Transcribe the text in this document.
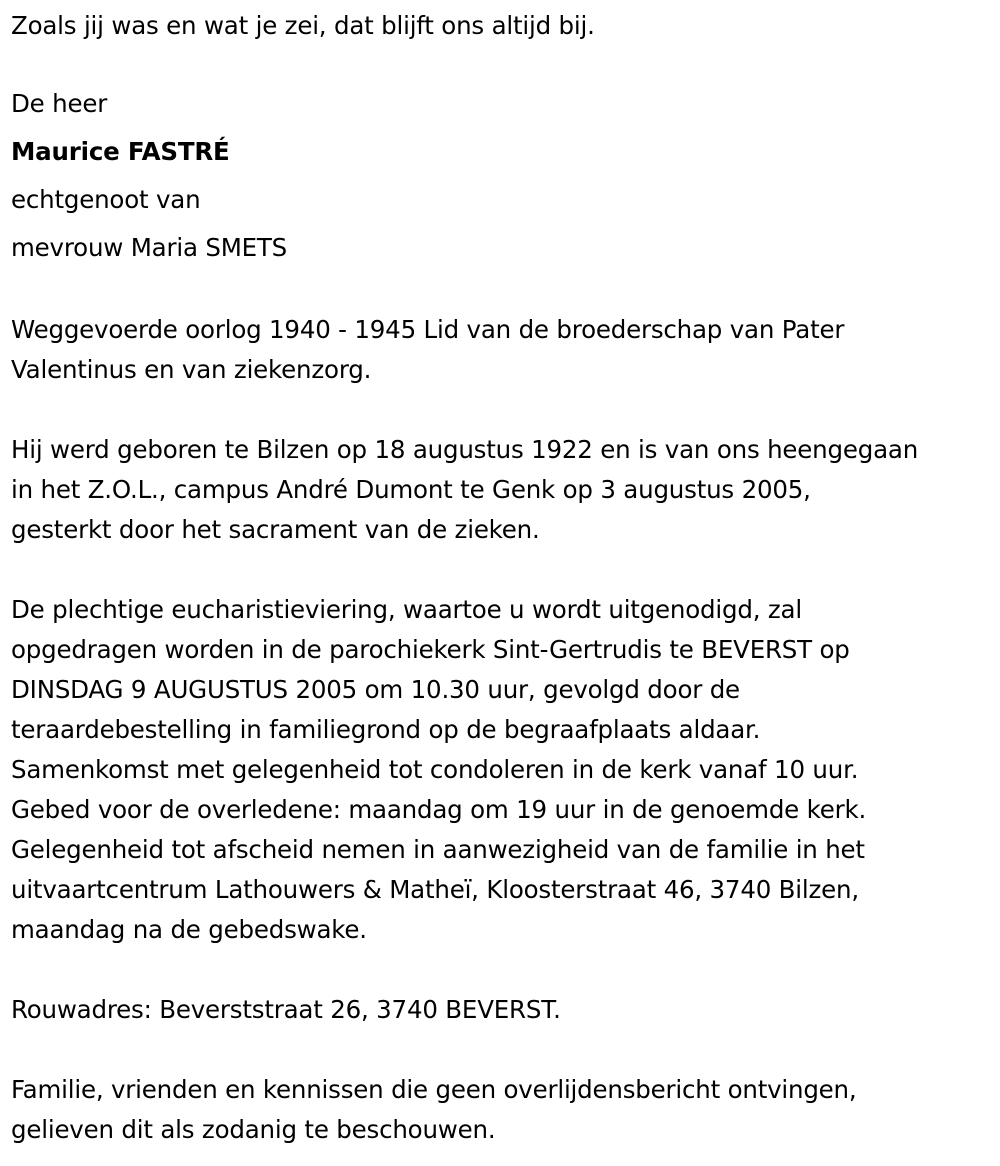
Zoals jij was en wat je zei, dat blijft ons altijd bij.
De heer
Maurice FASTRÉ
echtgenoot van
mevrouw Maria SMETS
Weggevoerde oorlog 1940 - 1945 Lid van de broederschap van Pater
Valentinus en van ziekenzorg.
Hij werd geboren te Bilzen op 18 augustus 1922 en is van ons heengegaan
in het Z.O.L., campus André Dumont te Genk op 3 augustus 2005,
gesterkt door het sacrament van de zieken.
De plechtige eucharistieviering, waartoe u wordt uitgenodigd, zal
opgedragen worden in de parochiekerk Sint-Gertrudis te BEVERST op
DINSDAG 9 AUGUSTUS 2005 om 10.30 uur, gevolgd door de
teraardebestelling in familiegrond op de begraafplaats aldaar.
Samenkomst met gelegenheid tot condoleren in de kerk vanaf 10 uur.
Gebed voor de overledene: maandag om 19 uur in de genoemde kerk.
Gelegenheid tot afscheid nemen in aanwezigheid van de familie in het
uitvaartcentrum Lathouwers & Matheï, Kloosterstraat 46, 3740 Bilzen,
maandag na de gebedswake.
Rouwadres: Beverststraat 26, 3740 BEVERST.
Familie, vrienden en kennissen die geen overlijdensbericht ontvingen,
gelieven dit als zodanig te beschouwen.
